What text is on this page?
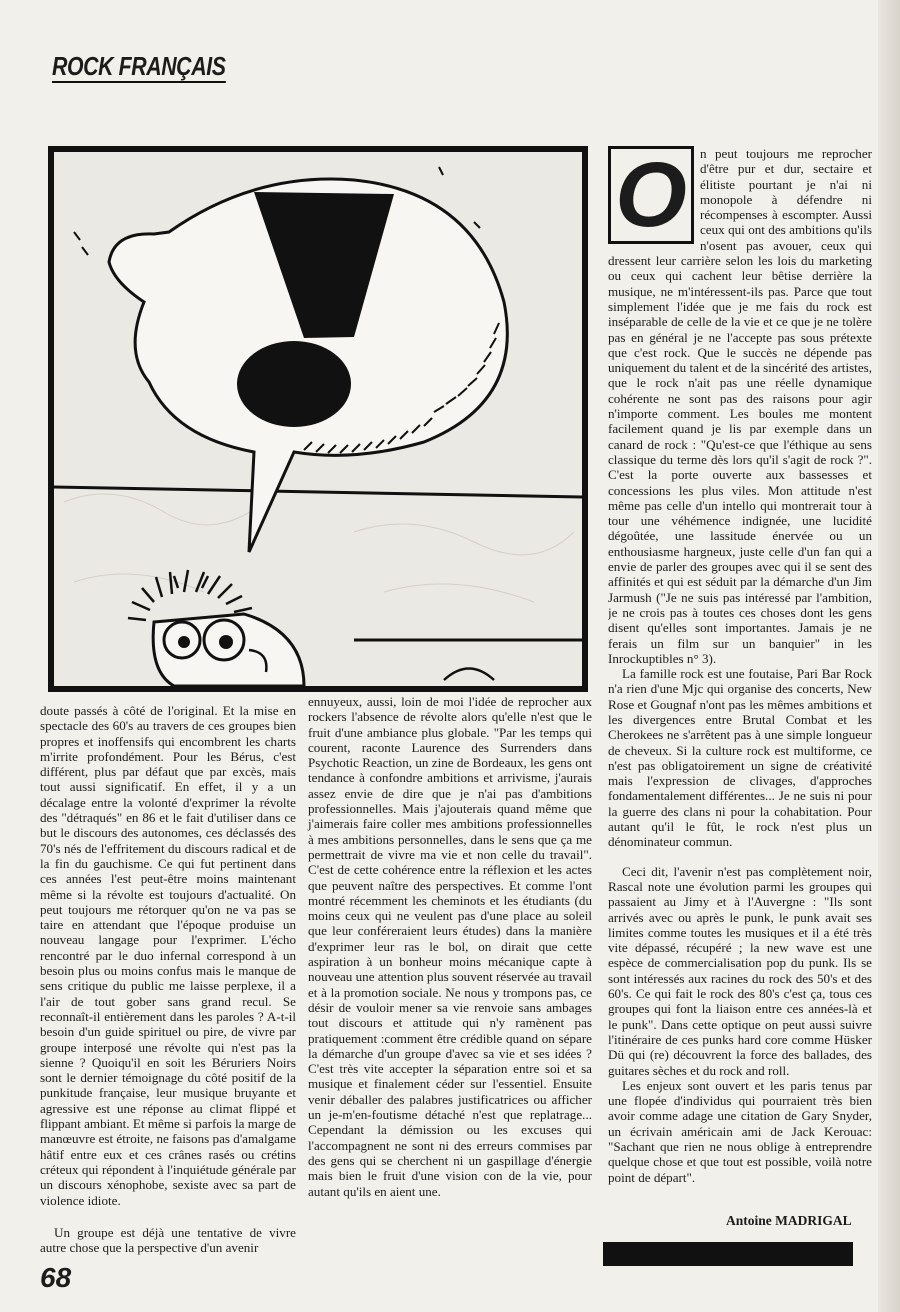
ROCK FRANÇAIS

doute passés à côté de l'original. Et la mise en spectacle des 60's au travers de ces groupes bien propres et inoffensifs qui encombrent les charts m'irrite profondément. Pour les Bérus, c'est différent, plus par défaut que par excès, mais tout aussi significatif. En effet, il y a un décalage entre la volonté d'exprimer la révolte des "détraqués" en 86 et le fait d'utiliser dans ce but le discours des autonomes, ces déclassés des 70's nés de l'effritement du discours radical et de la fin du gauchisme. Ce qui fut pertinent dans ces années l'est peut-être moins maintenant même si la révolte est toujours d'actualité. On peut toujours me rétorquer qu'on ne va pas se taire en attendant que l'époque produise un nouveau langage pour l'exprimer. L'écho rencontré par le duo infernal correspond à un besoin plus ou moins confus mais le manque de sens critique du public me laisse perplexe, il a l'air de tout gober sans grand recul. Se reconnaît-il entièrement dans les paroles ? A-t-il besoin d'un guide spirituel ou pire, de vivre par groupe interposé une révolte qui n'est pas la sienne ? Quoiqu'il en soit les Béruriers Noirs sont le dernier témoignage du côté positif de la punkitude française, leur musique bruyante et agressive est une réponse au climat flippé et flippant ambiant. Et même si parfois la marge de manœuvre est étroite, ne faisons pas d'amalgame hâtif entre eux et ces crânes rasés ou crétins créteux qui répondent à l'inquiétude générale par un discours xénophobe, sexiste avec sa part de violence idiote.

Un groupe est déjà une tentative de vivre autre chose que la perspective d'un avenir

ennuyeux, aussi, loin de moi l'idée de reprocher aux rockers l'absence de révolte alors qu'elle n'est que le fruit d'une ambiance plus globale. "Par les temps qui courent, raconte Laurence des Surrenders dans Psychotic Reaction, un zine de Bordeaux, les gens ont tendance à confondre ambitions et arrivisme, j'aurais assez envie de dire que je n'ai pas d'ambitions professionnelles. Mais j'ajouterais quand même que j'aimerais faire coller mes ambitions professionnelles à mes ambitions personnelles, dans le sens que ça me permettrait de vivre ma vie et non celle du travail". C'est de cette cohérence entre la réflexion et les actes que peuvent naître des perspectives. Et comme l'ont montré récemment les cheminots et les étudiants (du moins ceux qui ne veulent pas d'une place au soleil que leur conféreraient leurs études) dans la manière d'exprimer leur ras le bol, on dirait que cette aspiration à un bonheur moins mécanique capte à nouveau une attention plus souvent réservée au travail et à la promotion sociale. Ne nous y trompons pas, ce désir de vouloir mener sa vie renvoie sans ambages tout discours et attitude qui n'y ramènent pas pratiquement :comment être crédible quand on sépare la démarche d'un groupe d'avec sa vie et ses idées ? C'est très vite accepter la séparation entre soi et sa musique et finalement céder sur l'essentiel. Ensuite venir déballer des palabres justificatrices ou afficher un je-m'en-foutisme détaché n'est que replatrage... Cependant la démission ou les excuses qui l'accompagnent ne sont ni des erreurs commises par des gens qui se cherchent ni un gaspillage d'énergie mais bien le fruit d'une vision con de la vie, pour autant qu'ils en aient une.

O	n peut toujours me reprocher d'être pur et dur, sectaire et élitiste pourtant je n'ai ni monopole à défendre ni récompenses à escompter. Aussi ceux qui ont des ambitions qu'ils n'osent pas avouer, ceux qui dressent leur carrière selon les lois du marketing ou ceux qui cachent leur bêtise derrière la musique, ne m'intéressent-ils pas. Parce que tout simplement l'idée que je me fais du rock est inséparable de celle de la vie et ce que je ne tolère pas en général je ne l'accepte pas sous prétexte que c'est rock. Que le succès ne dépende pas uniquement du talent et de la sincérité des artistes, que le rock n'ait pas une réelle dynamique cohérente ne sont pas des raisons pour agir n'importe comment. Les boules me montent facilement quand je lis par exemple dans un canard de rock : "Qu'est-ce que l'éthique au sens classique du terme dès lors qu'il s'agit de rock ?". C'est la porte ouverte aux bassesses et concessions les plus viles. Mon attitude n'est même pas celle d'un intello qui montrerait tour à tour une véhémence indignée, une lucidité dégoûtée, une lassitude énervée ou un enthousiasme hargneux, juste celle d'un fan qui a envie de parler des groupes avec qui il se sent des affinités et qui est séduit par la démarche d'un Jim Jarmush ("Je ne suis pas intéressé par l'ambition, je ne crois pas à toutes ces choses dont les gens disent qu'elles sont importantes. Jamais je ne ferais un film sur un banquier" in les Inrockuptibles n° 3).

La famille rock est une foutaise, Pari Bar Rock n'a rien d'une Mjc qui organise des concerts, New Rose et Gougnaf n'ont pas les mêmes ambitions et les divergences entre Brutal Combat et les Cherokees ne s'arrêtent pas à une simple longueur de cheveux. Si la culture rock est multiforme, ce n'est pas obligatoirement un signe de créativité mais l'expression de clivages, d'approches fondamentalement différentes... Je ne suis ni pour la guerre des clans ni pour la cohabitation. Pour autant qu'il le fût, le rock n'est plus un dénominateur commun.

Ceci dit, l'avenir n'est pas complètement noir, Rascal note une évolution parmi les groupes qui passaient au Jimy et à l'Auvergne : "Ils sont arrivés avec ou après le punk, le punk avait ses limites comme toutes les musiques et il a été très vite dépassé, récupéré ; la new wave est une espèce de commercialisation pop du punk. Ils se sont intéressés aux racines du rock des 50's et des 60's. Ce qui fait le rock des 80's c'est ça, tous ces groupes qui font la liaison entre ces années-là et le punk". Dans cette optique on peut aussi suivre l'itinéraire de ces punks hard core comme Hüsker Dü qui (re) découvrent la force des ballades, des guitares sèches et du rock and roll.

Les enjeux sont ouvert et les paris tenus par une flopée d'individus qui pourraient très bien avoir comme adage une citation de Gary Snyder, un écrivain américain ami de Jack Kerouac: "Sachant que rien ne nous oblige à entreprendre quelque chose et que tout est possible, voilà notre point de départ".

Antoine MADRIGAL
68
